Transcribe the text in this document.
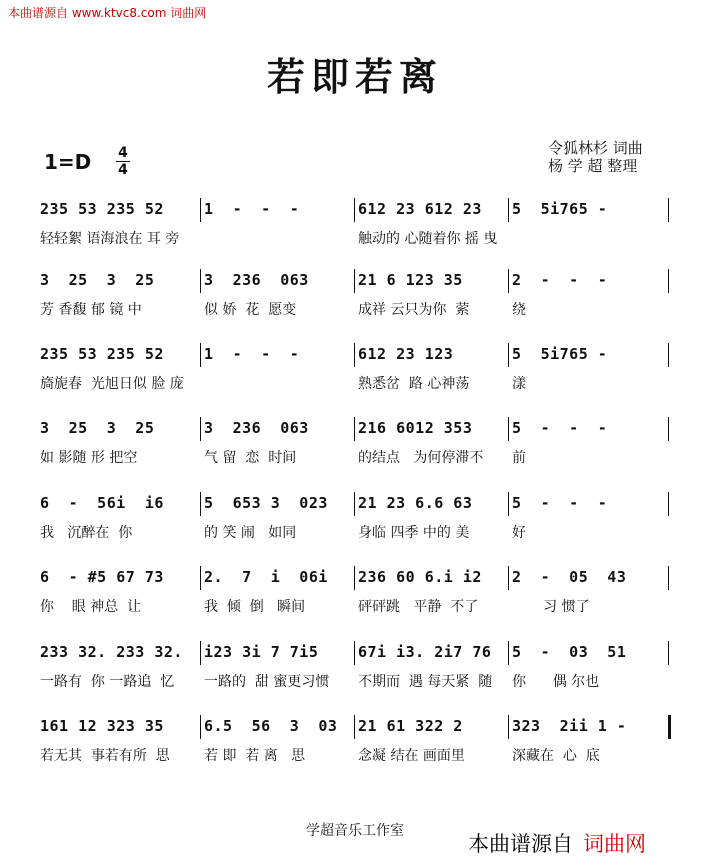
本曲谱源自 www.ktvc8.com 词曲网
若即若离
令狐林杉 词曲
杨 学 超 整理
1=D 4
4
235 53 235 52
轻轻絮 语海浪在 耳 旁
1  -  -  -	612 23 612 23
触动的 心随着你 摇 曳
5  5i765 -
3  25  3  25
芳 香馥 郁 镜 中
3  236  063
似 娇  花  愿变
21 6 123 35
成祥 云只为你  萦
2  -  -  -
绕
235 53 235 52
旖旎春  光旭日似 脸 庞
1  -  -  -	612 23 123
熟悉岔  路 心神荡
5  5i765 -
漾
3  25  3  25
如 影随 形 把空
3  236  063
气 留  恋  时间
216 6012 353
的结点   为何停滞不
5  -  -  -
前
6  -  56i  i6
我   沉醉在  你
5  653 3  023
的 笑 闹   如同
21 23 6.6 63
身临 四季 中的 美
5  -  -  -
好
6  - #5 67 73
你    眼 神总  让
2.  7  i  06i
我  倾  倒   瞬间
236 60 6.i i2
砰砰跳   平静  不了
2  -  05  43
习 惯了
233 32. 233 32.
一路有  你 一路追  忆
i23 3i 7 7i5
一路的  甜 蜜更习惯
67i i3. 2i7 76
不期而  遇 每天紧  随
5  -  03  51
你      偶 尔也
161 12 323 35
若无其  事若有所  思
6.5  56  3  03
若 即  若 离   思
21 61 322 2
念凝 结在 画面里
323  2ii 1 -
深藏在  心  底
学超音乐工作室
本曲谱源自 词曲网
